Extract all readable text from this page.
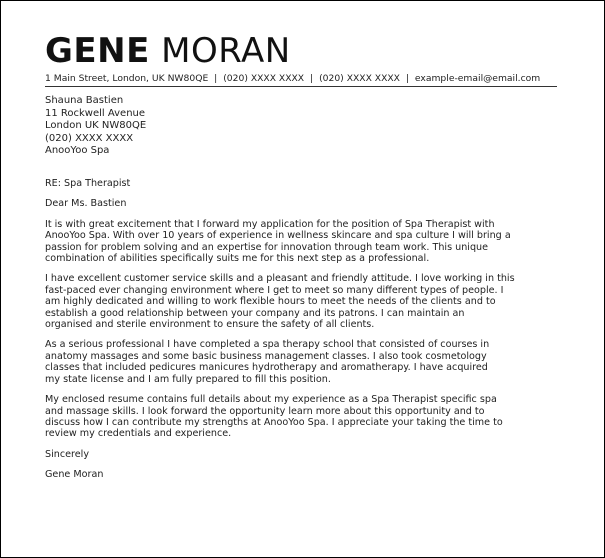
GENE MORAN
1 Main Street, London, UK NW80QE | (020) XXXX XXXX | (020) XXXX XXXX | example-email@email.com
Shauna Bastien
11 Rockwell Avenue
London UK NW80QE
(020) XXXX XXXX
AnooYoo Spa

RE: Spa Therapist

Dear Ms. Bastien

It is with great excitement that I forward my application for the position of Spa Therapist with
AnooYoo Spa. With over 10 years of experience in wellness skincare and spa culture I will bring a
passion for problem solving and an expertise for innovation through team work. This unique
combination of abilities specifically suits me for this next step as a professional.

I have excellent customer service skills and a pleasant and friendly attitude. I love working in this
fast-paced ever changing environment where I get to meet so many different types of people. I
am highly dedicated and willing to work flexible hours to meet the needs of the clients and to
establish a good relationship between your company and its patrons. I can maintain an
organised and sterile environment to ensure the safety of all clients.

As a serious professional I have completed a spa therapy school that consisted of courses in
anatomy massages and some basic business management classes. I also took cosmetology
classes that included pedicures manicures hydrotherapy and aromatherapy. I have acquired
my state license and I am fully prepared to fill this position.

My enclosed resume contains full details about my experience as a Spa Therapist specific spa
and massage skills. I look forward the opportunity learn more about this opportunity and to
discuss how I can contribute my strengths at AnooYoo Spa. I appreciate your taking the time to
review my credentials and experience.

Sincerely

Gene Moran
